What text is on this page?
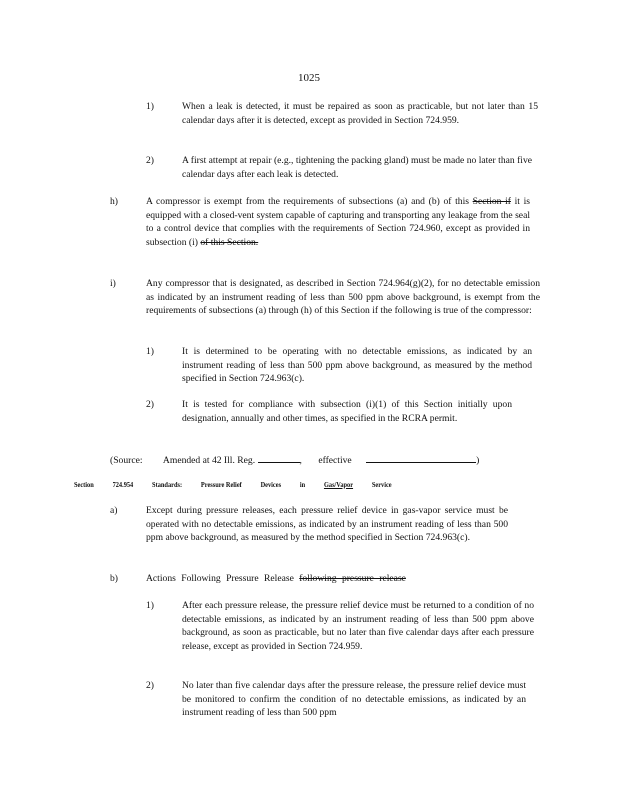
1025
1)	When a leak is detected, it must be repaired as soon as practicable, but not later than 15 calendar days after it is detected, except as provided in Section 724.959.
2)	A first attempt at repair (e.g., tightening the packing gland) must be made no later than five calendar days after each leak is detected.
h)	A compressor is exempt from the requirements of subsections (a) and (b) of this Section if it is equipped with a closed-vent system capable of capturing and transporting any leakage from the seal to a control device that complies with the requirements of Section 724.960, except as provided in subsection (i) of this Section.
i)	Any compressor that is designated, as described in Section 724.964(g)(2), for no detectable emission as indicated by an instrument reading of less than 500 ppm above background, is exempt from the requirements of subsections (a) through (h) of this Section if the following is true of the compressor:
1)	It is determined to be operating with no detectable emissions, as indicated by an instrument reading of less than 500 ppm above background, as measured by the method specified in Section 724.963(c).
2)	It is tested for compliance with subsection (i)(1) of this Section initially upon designation, annually and other times, as specified in the RCRA permit.
(Source: Amended at 42 Ill. Reg.	, effective	)
Section	724.954	Standards:	Pressure Relief	Devices	in	Gas/Vapor	Service
a)	Except during pressure releases, each pressure relief device in gas-vapor service must be operated with no detectable emissions, as indicated by an instrument reading of less than 500 ppm above background, as measured by the method specified in Section 724.963(c).
b)	Actions Following Pressure Release following pressure release
1)	After each pressure release, the pressure relief device must be returned to a condition of no detectable emissions, as indicated by an instrument reading of less than 500 ppm above background, as soon as practicable, but no later than five calendar days after each pressure release, except as provided in Section 724.959.
2)	No later than five calendar days after the pressure release, the pressure relief device must be monitored to confirm the condition of no detectable emissions, as indicated by an instrument reading of less than 500 ppm
